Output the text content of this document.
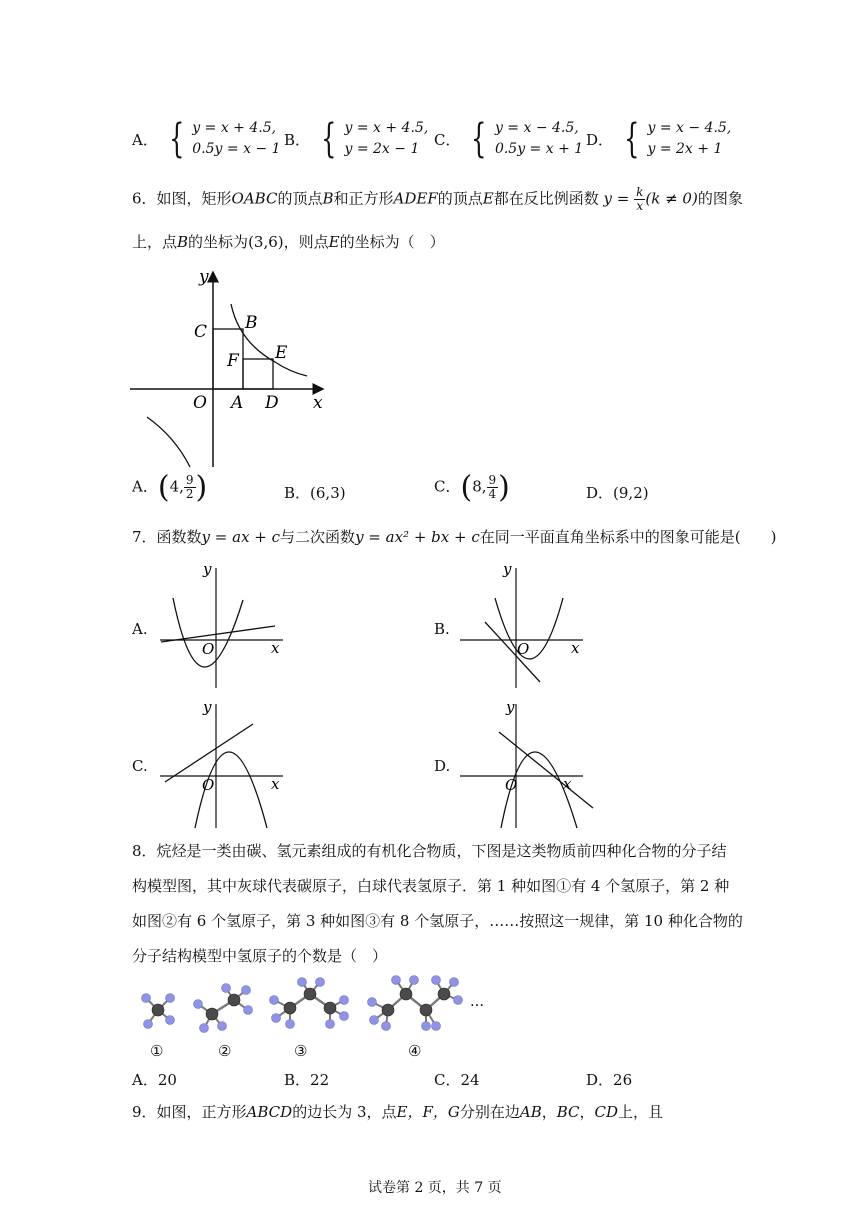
A． { y = x + 4.5,
0.5y = x − 1
B． { y = x + 4.5,
y = 2x − 1
C． { y = x − 4.5,
0.5y = x + 1
D． { y = x − 4.5,
y = 2x + 1
6．如图，矩形OABC的顶点B和正方形ADEF的顶点E都在反比例函数 $y = \frac{k}{x} (k \ne 0)$的图象
上，点B的坐标为(3,6)，则点E的坐标为（　）
y
x
O A D
C B
F E
A．(4, $\frac{9}{2}$ )	B．(6,3)	C．(8, $\frac{9}{4}$ )	D．(9,2)
7．函数数y = ax + c与二次函数y = ax² + bx + c在同一平面直角坐标系中的图象可能是(　　)
A.
y
x
O
B.
y
x
O
C.
y
x
O
D.
y
x
O
8．烷烃是一类由碳、氢元素组成的有机化合物质，下图是这类物质前四种化合物的分子结
构模型图，其中灰球代表碳原子，白球代表氢原子．第 1 种如图①有 4 个氢原子，第 2 种
如图②有 6 个氢原子，第 3 种如图③有 8 个氢原子，……按照这一规律，第 10 种化合物的
分子结构模型中氢原子的个数是（　）
…
①	②	③	④
A．20	B．22	C．24	D．26
9．如图，正方形ABCD的边长为 3，点E，F，G分别在边AB，BC，CD上，且
试卷第 2 页，共 7 页
